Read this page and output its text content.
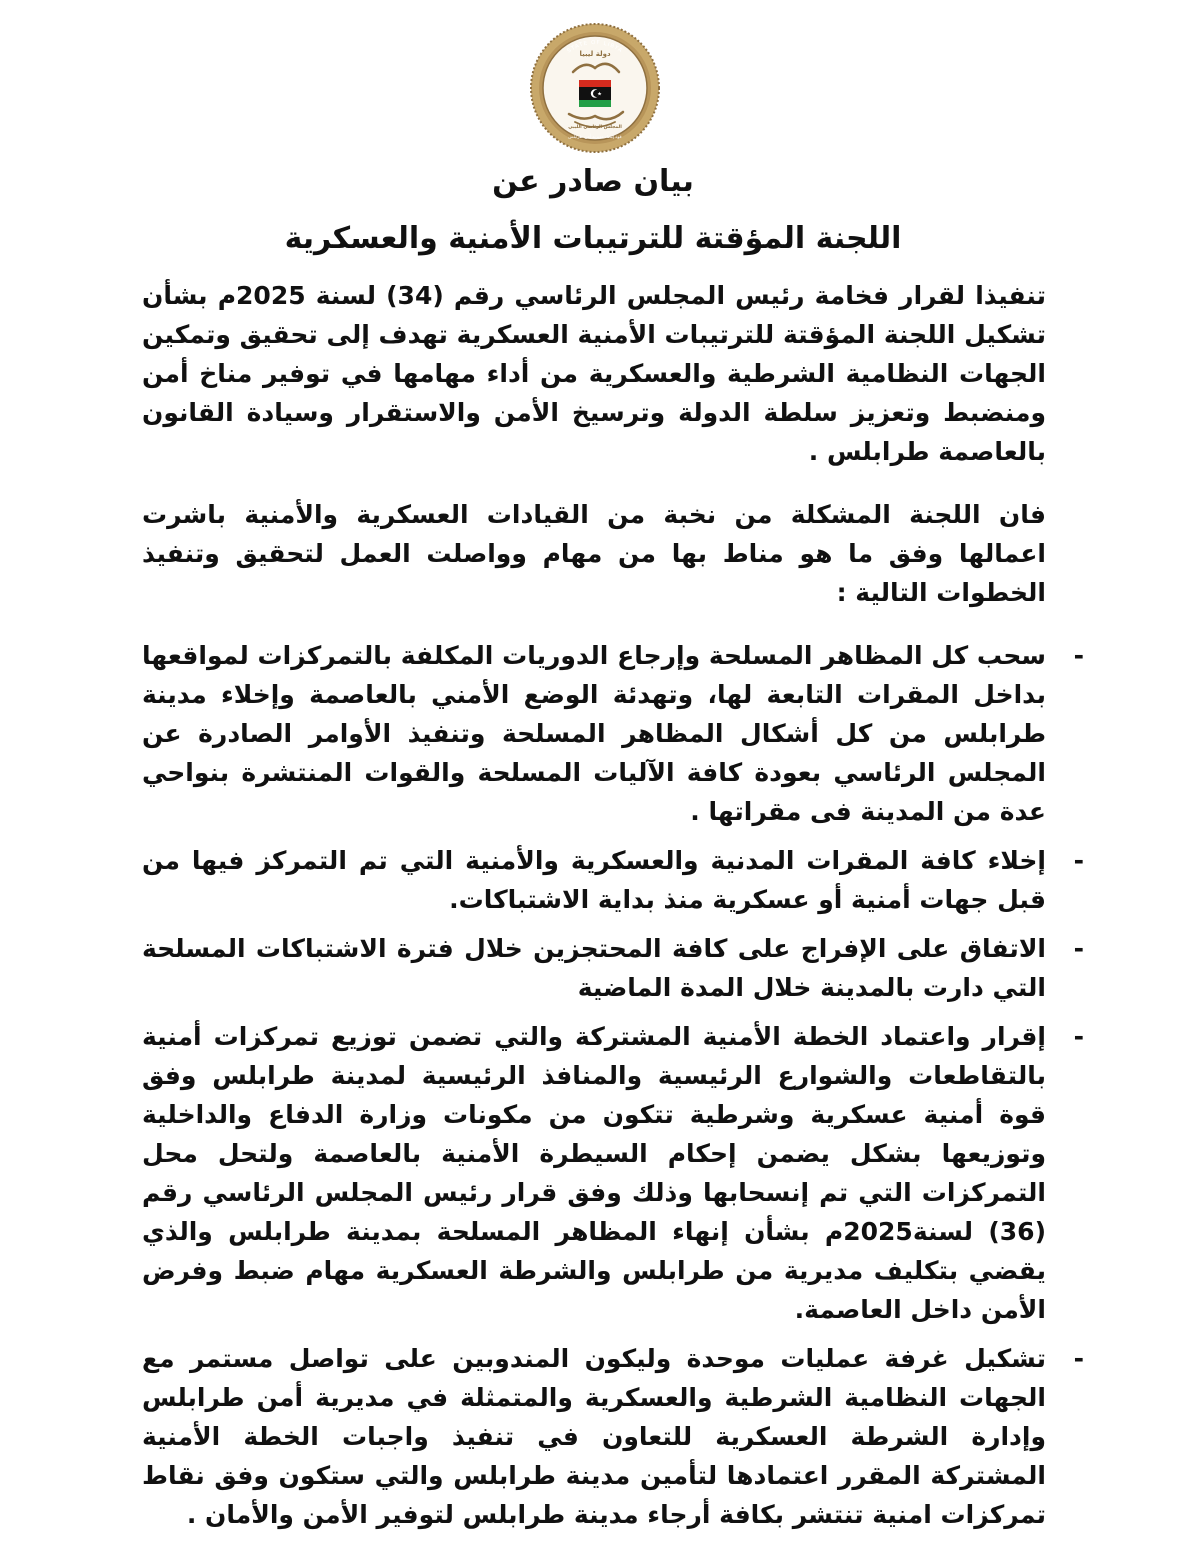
STATE OF LIBYA
دولة ليبيا
المجلس الرئاسي الليبي
قوة إسناد مديرية أمن طرابلس
بيان صادر عن
اللجنة المؤقتة للترتيبات الأمنية والعسكرية

تنفيذا لقرار فخامة رئيس المجلس الرئاسي رقم (34) لسنة 2025م بشأن تشكيل اللجنة المؤقتة للترتيبات الأمنية العسكرية تهدف إلى تحقيق وتمكين الجهات النظامية الشرطية والعسكرية من أداء مهامها في توفير مناخ أمن ومنضبط وتعزيز سلطة الدولة وترسيخ الأمن والاستقرار وسيادة القانون بالعاصمة طرابلس .

فان اللجنة المشكلة من نخبة من القيادات العسكرية والأمنية باشرت اعمالها وفق ما هو مناط بها من مهام وواصلت العمل لتحقيق وتنفيذ الخطوات التالية :

-
سحب كل المظاهر المسلحة وإرجاع الدوريات المكلفة بالتمركزات لمواقعها بداخل المقرات التابعة لها، وتهدئة الوضع الأمني بالعاصمة وإخلاء مدينة طرابلس من كل أشكال المظاهر المسلحة وتنفيذ الأوامر الصادرة عن المجلس الرئاسي بعودة كافة الآليات المسلحة والقوات المنتشرة بنواحي عدة من المدينة فى مقراتها .
-
إخلاء كافة المقرات المدنية والعسكرية والأمنية التي تم التمركز فيها من قبل جهات أمنية أو عسكرية منذ بداية الاشتباكات.
-
الاتفاق على الإفراج على كافة المحتجزين خلال فترة الاشتباكات المسلحة التي دارت بالمدينة خلال المدة الماضية
-
إقرار واعتماد الخطة الأمنية المشتركة والتي تضمن توزيع تمركزات أمنية بالتقاطعات والشوارع الرئيسية والمنافذ الرئيسية لمدينة طرابلس وفق قوة أمنية عسكرية وشرطية تتكون من مكونات وزارة الدفاع والداخلية وتوزيعها بشكل يضمن إحكام السيطرة الأمنية بالعاصمة ولتحل محل التمركزات التي تم إنسحابها وذلك وفق قرار رئيس المجلس الرئاسي رقم (36) لسنة2025م بشأن إنهاء المظاهر المسلحة بمدينة طرابلس والذي يقضي بتكليف مديرية من طرابلس والشرطة العسكرية مهام ضبط وفرض الأمن داخل العاصمة.
-
تشكيل غرفة عمليات موحدة وليكون المندوبين على تواصل مستمر مع الجهات النظامية الشرطية والعسكرية والمتمثلة في مديرية أمن طرابلس وإدارة الشرطة العسكرية للتعاون في تنفيذ واجبات الخطة الأمنية المشتركة المقرر اعتمادها لتأمين مدينة طرابلس والتي ستكون وفق نقاط تمركزات امنية تنتشر بكافة أرجاء مدينة طرابلس لتوفير الأمن والأمان .
